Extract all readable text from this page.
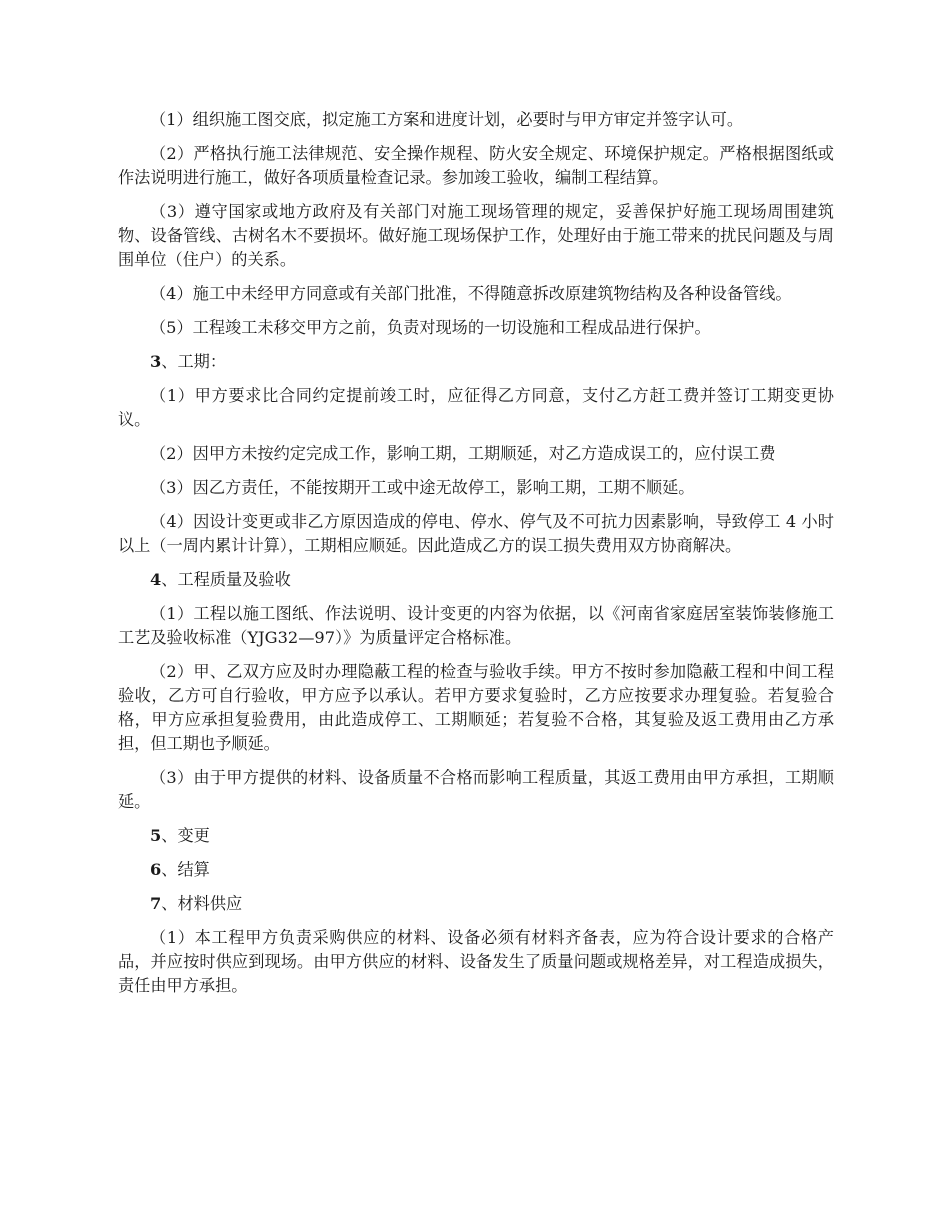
（1）组织施工图交底，拟定施工方案和进度计划，必要时与甲方审定并签字认可。

（2）严格执行施工法律规范、安全操作规程、防火安全规定、环境保护规定。严格根据图纸或作法说明进行施工，做好各项质量检查记录。参加竣工验收，编制工程结算。

（3）遵守国家或地方政府及有关部门对施工现场管理的规定，妥善保护好施工现场周围建筑物、设备管线、古树名木不要损坏。做好施工现场保护工作，处理好由于施工带来的扰民问题及与周围单位（住户）的关系。

（4）施工中未经甲方同意或有关部门批准，不得随意拆改原建筑物结构及各种设备管线。

（5）工程竣工未移交甲方之前，负责对现场的一切设施和工程成品进行保护。

3、工期：

（1）甲方要求比合同约定提前竣工时，应征得乙方同意，支付乙方赶工费并签订工期变更协议。

（2）因甲方未按约定完成工作，影响工期，工期顺延，对乙方造成误工的，应付误工费

（3）因乙方责任，不能按期开工或中途无故停工，影响工期，工期不顺延。

（4）因设计变更或非乙方原因造成的停电、停水、停气及不可抗力因素影响，导致停工 4 小时以上（一周内累计计算），工期相应顺延。因此造成乙方的误工损失费用双方协商解决。

4、工程质量及验收

（1）工程以施工图纸、作法说明、设计变更的内容为依据，以《河南省家庭居室装饰装修施工工艺及验收标准（YJG32—97）》为质量评定合格标准。

（2）甲、乙双方应及时办理隐蔽工程的检查与验收手续。甲方不按时参加隐蔽工程和中间工程验收，乙方可自行验收，甲方应予以承认。若甲方要求复验时，乙方应按要求办理复验。若复验合格，甲方应承担复验费用，由此造成停工、工期顺延；若复验不合格，其复验及返工费用由乙方承担，但工期也予顺延。

（3）由于甲方提供的材料、设备质量不合格而影响工程质量，其返工费用由甲方承担，工期顺延。

5、变更

6、结算

7、材料供应

（1）本工程甲方负责采购供应的材料、设备必须有材料齐备表，应为符合设计要求的合格产品，并应按时供应到现场。由甲方供应的材料、设备发生了质量问题或规格差异，对工程造成损失，责任由甲方承担。
